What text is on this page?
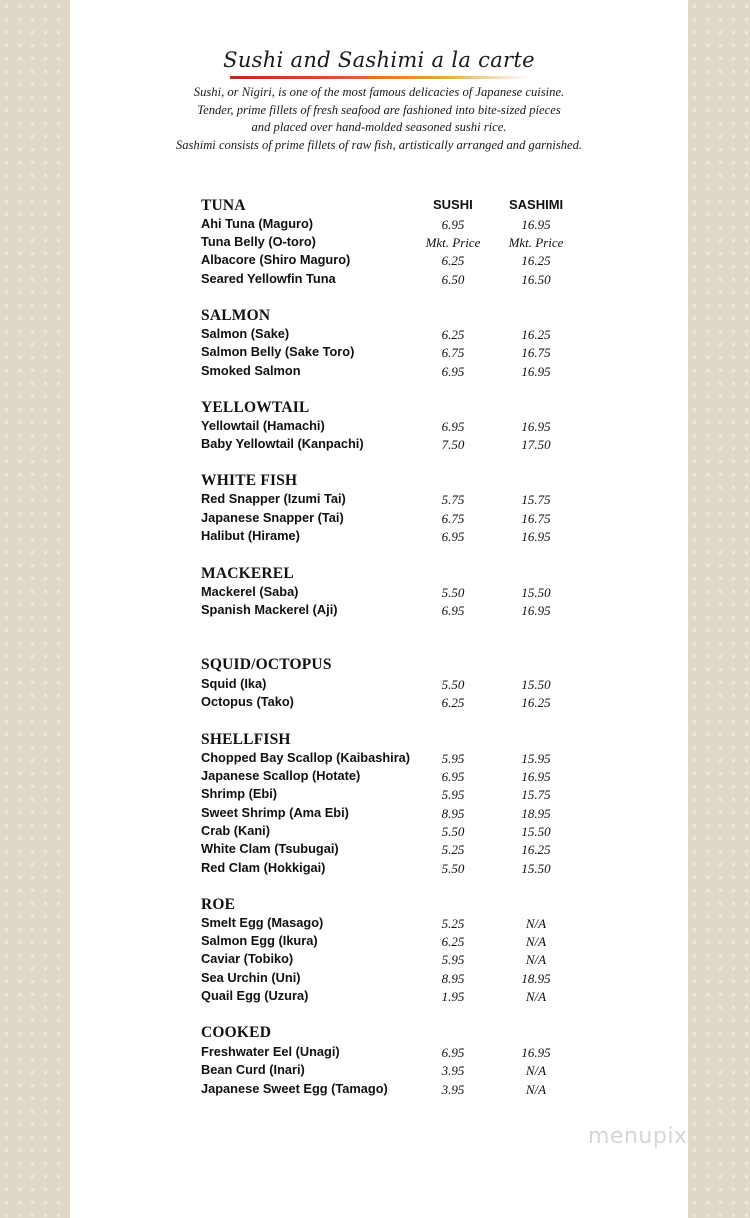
Sushi and Sashimi a la carte
Sushi, or Nigiri, is one of the most famous delicacies of Japanese cuisine.
Tender, prime fillets of fresh seafood are fashioned into bite-sized pieces
and placed over hand-molded seasoned sushi rice.
Sashimi consists of prime fillets of raw fish, artistically arranged and garnished.
SUSHI	SASHIMI
TUNA
Ahi Tuna (Maguro)	6.95	16.95
Tuna Belly (O-toro)	Mkt. Price	Mkt. Price
Albacore (Shiro Maguro)	6.25	16.25
Seared Yellowfin Tuna	6.50	16.50
SALMON
Salmon (Sake)	6.25	16.25
Salmon Belly (Sake Toro)	6.75	16.75
Smoked Salmon	6.95	16.95
YELLOWTAIL
Yellowtail (Hamachi)	6.95	16.95
Baby Yellowtail (Kanpachi)	7.50	17.50
WHITE FISH
Red Snapper (Izumi Tai)	5.75	15.75
Japanese Snapper (Tai)	6.75	16.75
Halibut (Hirame)	6.95	16.95
MACKEREL
Mackerel (Saba)	5.50	15.50
Spanish Mackerel (Aji)	6.95	16.95
SQUID/OCTOPUS
Squid (Ika)	5.50	15.50
Octopus (Tako)	6.25	16.25
SHELLFISH
Chopped Bay Scallop (Kaibashira)	5.95	15.95
Japanese Scallop (Hotate)	6.95	16.95
Shrimp (Ebi)	5.95	15.75
Sweet Shrimp (Ama Ebi)	8.95	18.95
Crab (Kani)	5.50	15.50
White Clam (Tsubugai)	5.25	16.25
Red Clam (Hokkigai)	5.50	15.50
ROE
Smelt Egg (Masago)	5.25	N/A
Salmon Egg (Ikura)	6.25	N/A
Caviar (Tobiko)	5.95	N/A
Sea Urchin (Uni)	8.95	18.95
Quail Egg (Uzura)	1.95	N/A
COOKED
Freshwater Eel (Unagi)	6.95	16.95
Bean Curd (Inari)	3.95	N/A
Japanese Sweet Egg (Tamago)	3.95	N/A
menupix
